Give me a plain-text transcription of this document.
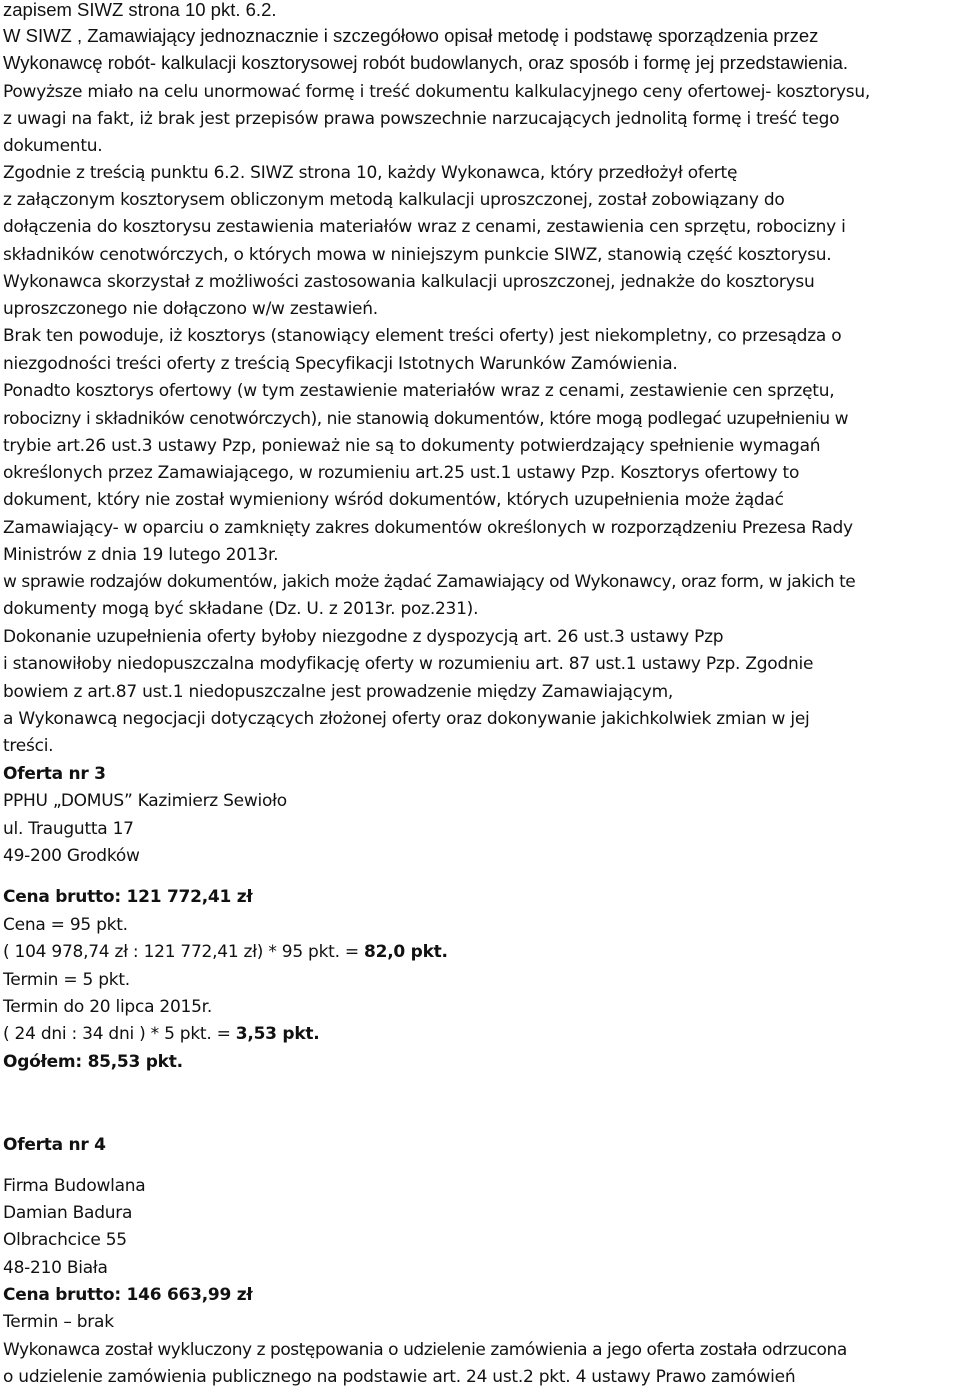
zapisem SIWZ strona 10 pkt. 6.2.
W SIWZ , Zamawiający jednoznacznie i szczegółowo opisał metodę i podstawę sporządzenia przez
Wykonawcę robót- kalkulacji kosztorysowej robót budowlanych, oraz sposób i formę jej przedstawienia.
Powyższe miało na celu unormować formę i treść dokumentu kalkulacyjnego ceny ofertowej- kosztorysu,
z uwagi na fakt, iż brak jest przepisów prawa powszechnie narzucających jednolitą formę i treść tego
dokumentu.
Zgodnie z treścią punktu 6.2. SIWZ strona 10, każdy Wykonawca, który przedłożył ofertę
z załączonym kosztorysem obliczonym metodą kalkulacji uproszczonej, został zobowiązany do
dołączenia do kosztorysu zestawienia materiałów wraz z cenami, zestawienia cen sprzętu, robocizny i
składników cenotwórczych, o których mowa w niniejszym punkcie SIWZ, stanowią część kosztorysu.
Wykonawca skorzystał z możliwości zastosowania kalkulacji uproszczonej, jednakże do kosztorysu
uproszczonego nie dołączono w/w zestawień.
Brak ten powoduje, iż kosztorys (stanowiący element treści oferty) jest niekompletny, co przesądza o
niezgodności treści oferty z treścią Specyfikacji Istotnych Warunków Zamówienia.
Ponadto kosztorys ofertowy (w tym zestawienie materiałów wraz z cenami, zestawienie cen sprzętu,
robocizny i składników cenotwórczych), nie stanowią dokumentów, które mogą podlegać uzupełnieniu w
trybie art.26 ust.3 ustawy Pzp, ponieważ nie są to dokumenty potwierdzający spełnienie wymagań
określonych przez Zamawiającego, w rozumieniu art.25 ust.1 ustawy Pzp. Kosztorys ofertowy to
dokument, który nie został wymieniony wśród dokumentów, których uzupełnienia może żądać
Zamawiający- w oparciu o zamknięty zakres dokumentów określonych w rozporządzeniu Prezesa Rady
Ministrów z dnia 19 lutego 2013r.
w sprawie rodzajów dokumentów, jakich może żądać Zamawiający od Wykonawcy, oraz form, w jakich te
dokumenty mogą być składane (Dz. U. z 2013r. poz.231).
Dokonanie uzupełnienia oferty byłoby niezgodne z dyspozycją art. 26 ust.3 ustawy Pzp
i stanowiłoby niedopuszczalna modyfikację oferty w rozumieniu art. 87 ust.1 ustawy Pzp. Zgodnie
bowiem z art.87 ust.1 niedopuszczalne jest prowadzenie między Zamawiającym,
a Wykonawcą negocjacji dotyczących złożonej oferty oraz dokonywanie jakichkolwiek zmian w jej
treści.
Oferta nr 3
PPHU „DOMUS” Kazimierz Sewioło
ul. Traugutta 17
49-200 Grodków
Cena brutto: 121 772,41 zł
Cena = 95 pkt.
( 104 978,74 zł : 121 772,41 zł) * 95 pkt. = 82,0 pkt.
Termin = 5 pkt.
Termin do 20 lipca 2015r.
( 24 dni : 34 dni ) * 5 pkt. = 3,53 pkt.
Ogółem: 85,53 pkt.
Oferta nr 4
Firma Budowlana
Damian Badura
Olbrachcice 55
48-210 Biała
Cena brutto: 146 663,99 zł
Termin – brak
Wykonawca został wykluczony z postępowania o udzielenie zamówienia a jego oferta została odrzucona
o udzielenie zamówienia publicznego na podstawie art. 24 ust.2 pkt. 4 ustawy Prawo zamówień
